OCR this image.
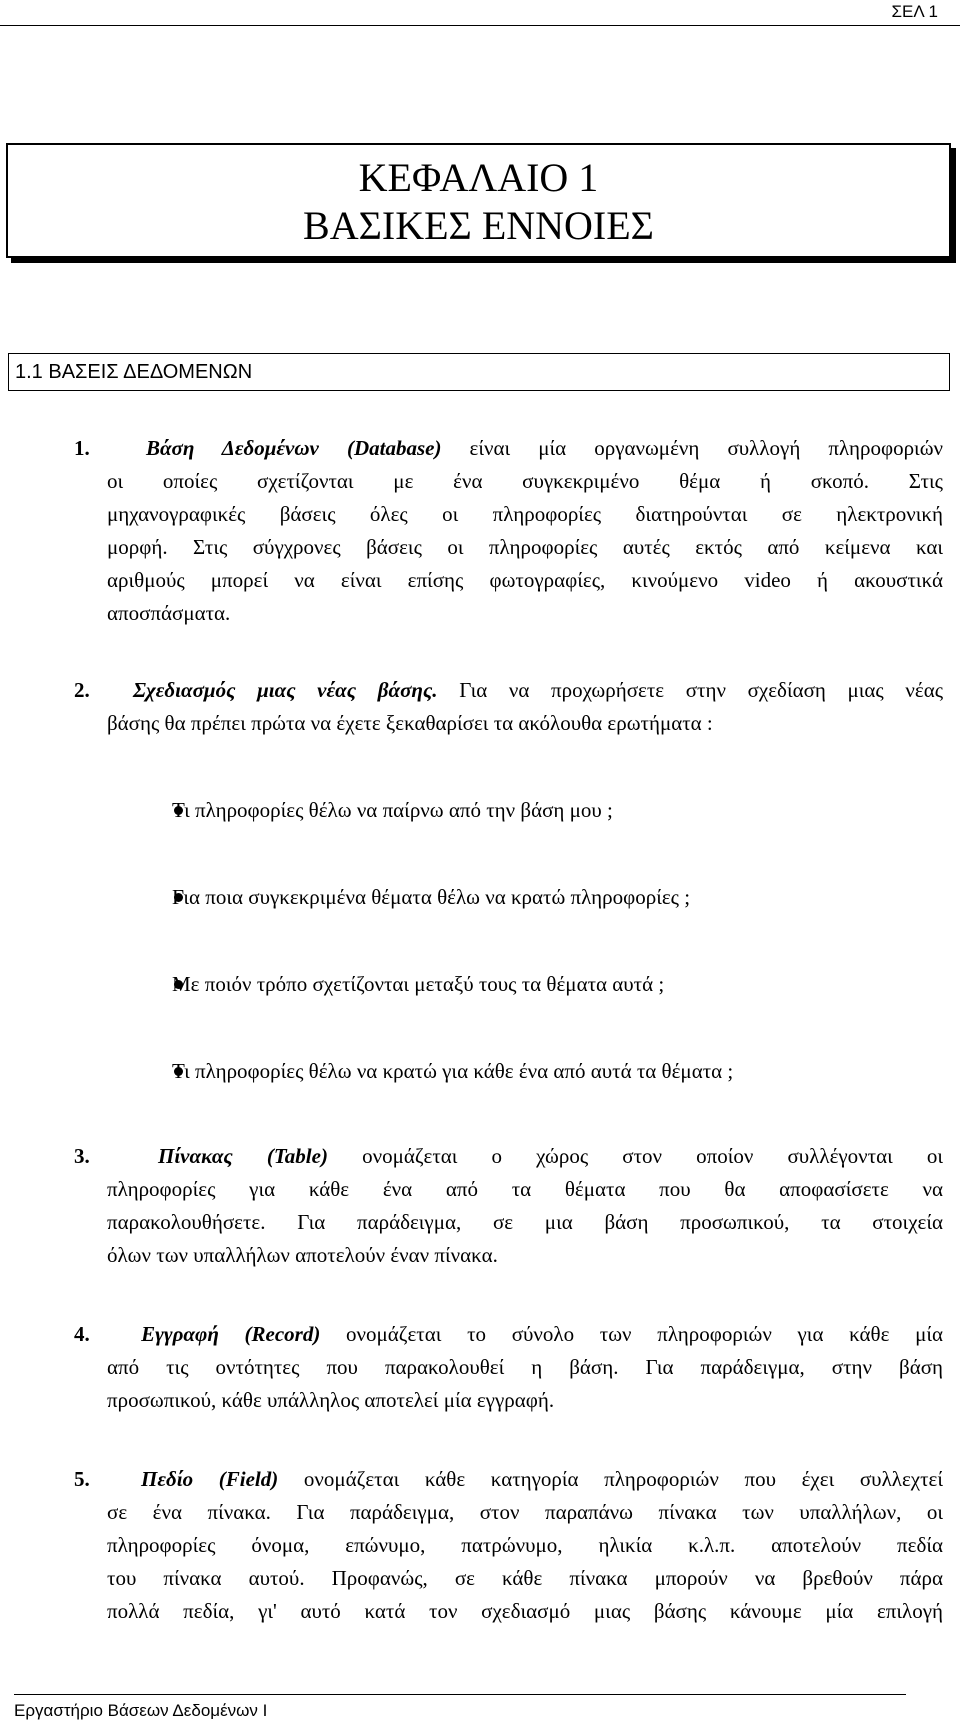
ΣΕΛ 1
ΚΕΦΑΛΑΙΟ 1
ΒΑΣΙΚΕΣ ΕΝΝΟΙΕΣ
1.1 ΒΑΣΕΙΣ ΔΕΔΟΜΕΝΩΝ
1.	Βάση Δεδομένων (Database) είναι μία οργανωμένη συλλογή πληροφοριών
οι οποίες σχετίζονται με ένα συγκεκριμένο θέμα ή σκοπό. Στις
μηχανογραφικές βάσεις όλες οι πληροφορίες διατηρούνται σε ηλεκτρονική
μορφή. Στις σύγχρονες βάσεις οι πληροφορίες αυτές εκτός από κείμενα και
αριθμούς μπορεί να είναι επίσης φωτογραφίες, κινούμενο video ή ακουστικά
αποσπάσματα.
2. Σχεδιασμός μιας νέας βάσης. Για να προχωρήσετε στην σχεδίαση μιας νέας
βάσης θα πρέπει πρώτα να έχετε ξεκαθαρίσει τα ακόλουθα ερωτήματα :
Τι πληροφορίες θέλω να παίρνω από την βάση μου ;
Για ποια συγκεκριμένα θέματα θέλω να κρατώ πληροφορίες ;
Με ποιόν τρόπο σχετίζονται μεταξύ τους τα θέματα αυτά ;
Τι πληροφορίες θέλω να κρατώ για κάθε ένα από αυτά τα θέματα ;
3.	Πίνακας (Table) ονομάζεται ο χώρος στον οποίον συλλέγονται οι
πληροφορίες για κάθε ένα από τα θέματα που θα αποφασίσετε να
παρακολουθήσετε. Για παράδειγμα, σε μια βάση προσωπικού, τα στοιχεία
όλων των υπαλλήλων αποτελούν έναν πίνακα.
4. Εγγραφή (Record) ονομάζεται το σύνολο των πληροφοριών για κάθε μία
από τις οντότητες που παρακολουθεί η βάση. Για παράδειγμα, στην βάση
προσωπικού, κάθε υπάλληλος αποτελεί μία εγγραφή.
5. Πεδίο (Field) ονομάζεται κάθε κατηγορία πληροφοριών που έχει συλλεχτεί
σε ένα πίνακα. Για παράδειγμα, στον παραπάνω πίνακα των υπαλλήλων, οι
πληροφορίες όνομα, επώνυμο, πατρώνυμο, ηλικία κ.λ.π. αποτελούν πεδία
του πίνακα αυτού. Προφανώς, σε κάθε πίνακα μπορούν να βρεθούν πάρα
πολλά πεδία, γι' αυτό κατά τον σχεδιασμό μιας βάσης κάνουμε μία επιλογή
Εργαστήριο Βάσεων Δεδομένων Ι
